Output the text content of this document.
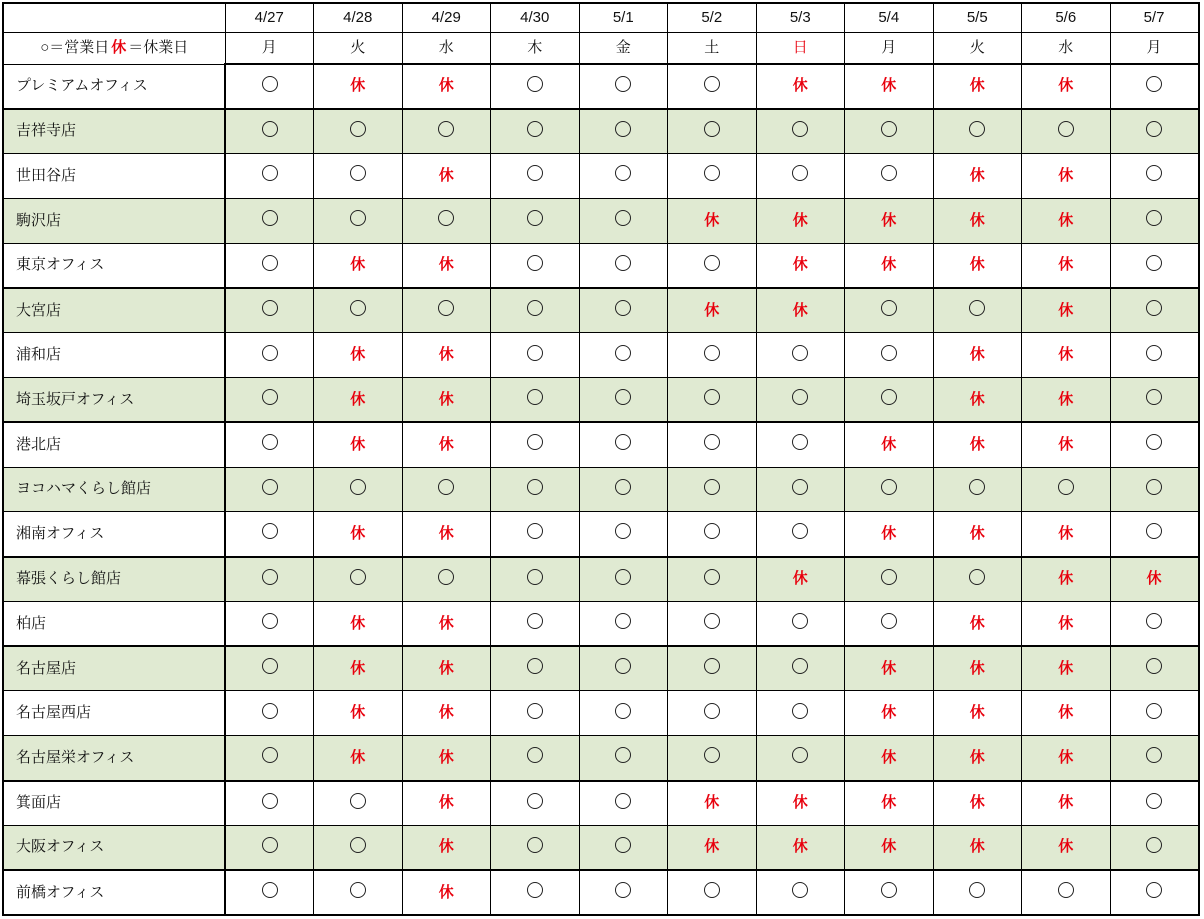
	4/27	4/28	4/29	4/30	5/1	5/2	5/3	5/4	5/5	5/6	5/7
○＝営業日 休 ＝休業日	月	火	水	木	金	土	日	月	火	水	月
プレミアムオフィス		休	休				休	休	休	休	
吉祥寺店											
世田谷店			休						休	休	
駒沢店						休	休	休	休	休	
東京オフィス		休	休				休	休	休	休	
大宮店						休	休			休	
浦和店		休	休						休	休	
埼玉坂戸オフィス		休	休						休	休	
港北店		休	休					休	休	休	
ヨコハマくらし館店											
湘南オフィス		休	休					休	休	休	
幕張くらし館店							休			休	休
柏店		休	休						休	休	
名古屋店		休	休					休	休	休	
名古屋西店		休	休					休	休	休	
名古屋栄オフィス		休	休					休	休	休	
箕面店			休			休	休	休	休	休	
大阪オフィス			休			休	休	休	休	休	
前橋オフィス			休								
